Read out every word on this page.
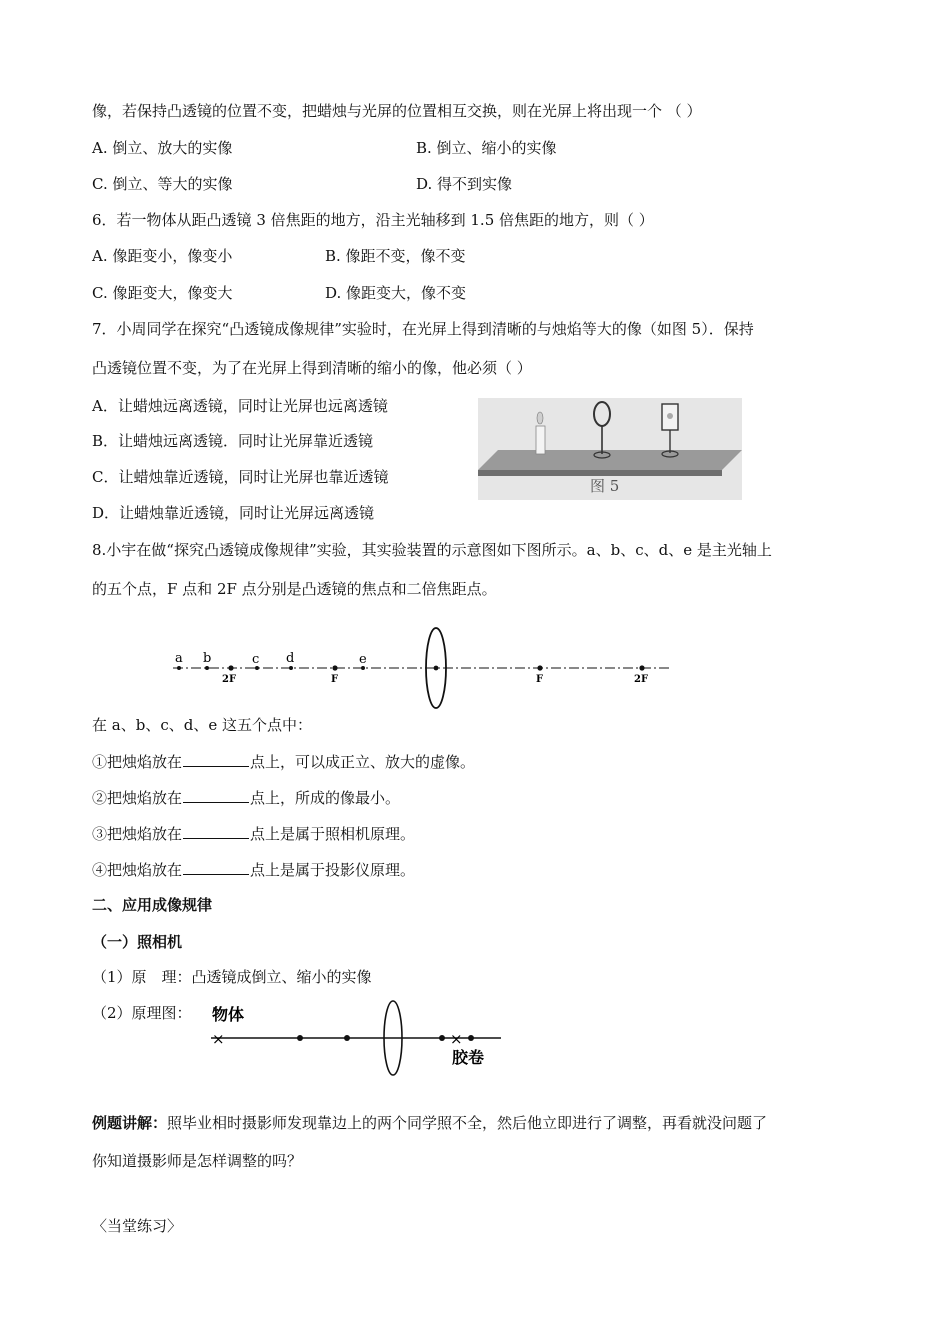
像，若保持凸透镜的位置不变，把蜡烛与光屏的位置相互交换，则在光屏上将出现一个 （ ）
A. 倒立、放大的实像	B. 倒立、缩小的实像
C. 倒立、等大的实像	D. 得不到实像
6．若一物体从距凸透镜 3 倍焦距的地方，沿主光轴移到 1.5 倍焦距的地方，则（ ）
A. 像距变小，像变小	B. 像距不变，像不变
C. 像距变大，像变大	D. 像距变大，像不变
7．小周同学在探究“凸透镜成像规律”实验时，在光屏上得到清晰的与烛焰等大的像（如图 5）．保持
凸透镜位置不变，为了在光屏上得到清晰的缩小的像，他必须（ ）
A．让蜡烛远离透镜，同时让光屏也远离透镜
B．让蜡烛远离透镜．同时让光屏靠近透镜
C．让蜡烛靠近透镜，同时让光屏也靠近透镜
D．让蜡烛靠近透镜，同时让光屏远离透镜
图 5
8.小宇在做“探究凸透镜成像规律”实验，其实验装置的示意图如下图所示。a、b、c、d、e 是主光轴上
的五个点，F 点和 2F 点分别是凸透镜的焦点和二倍焦距点。
a b
2F
c d
F
e
F	2F
在 a、b、c、d、e 这五个点中：
①把烛焰放在	点上，可以成正立、放大的虚像。
②把烛焰放在	点上，所成的像最小。
③把烛焰放在	点上是属于照相机原理。
④把烛焰放在	点上是属于投影仪原理。
二、应用成像规律
（一）照相机
（1）原　理：凸透镜成倒立、缩小的实像
（2）原理图： 物体
×	×
胶卷
例题讲解：照毕业相时摄影师发现靠边上的两个同学照不全，然后他立即进行了调整，再看就没问题了
你知道摄影师是怎样调整的吗？
〈当堂练习〉
